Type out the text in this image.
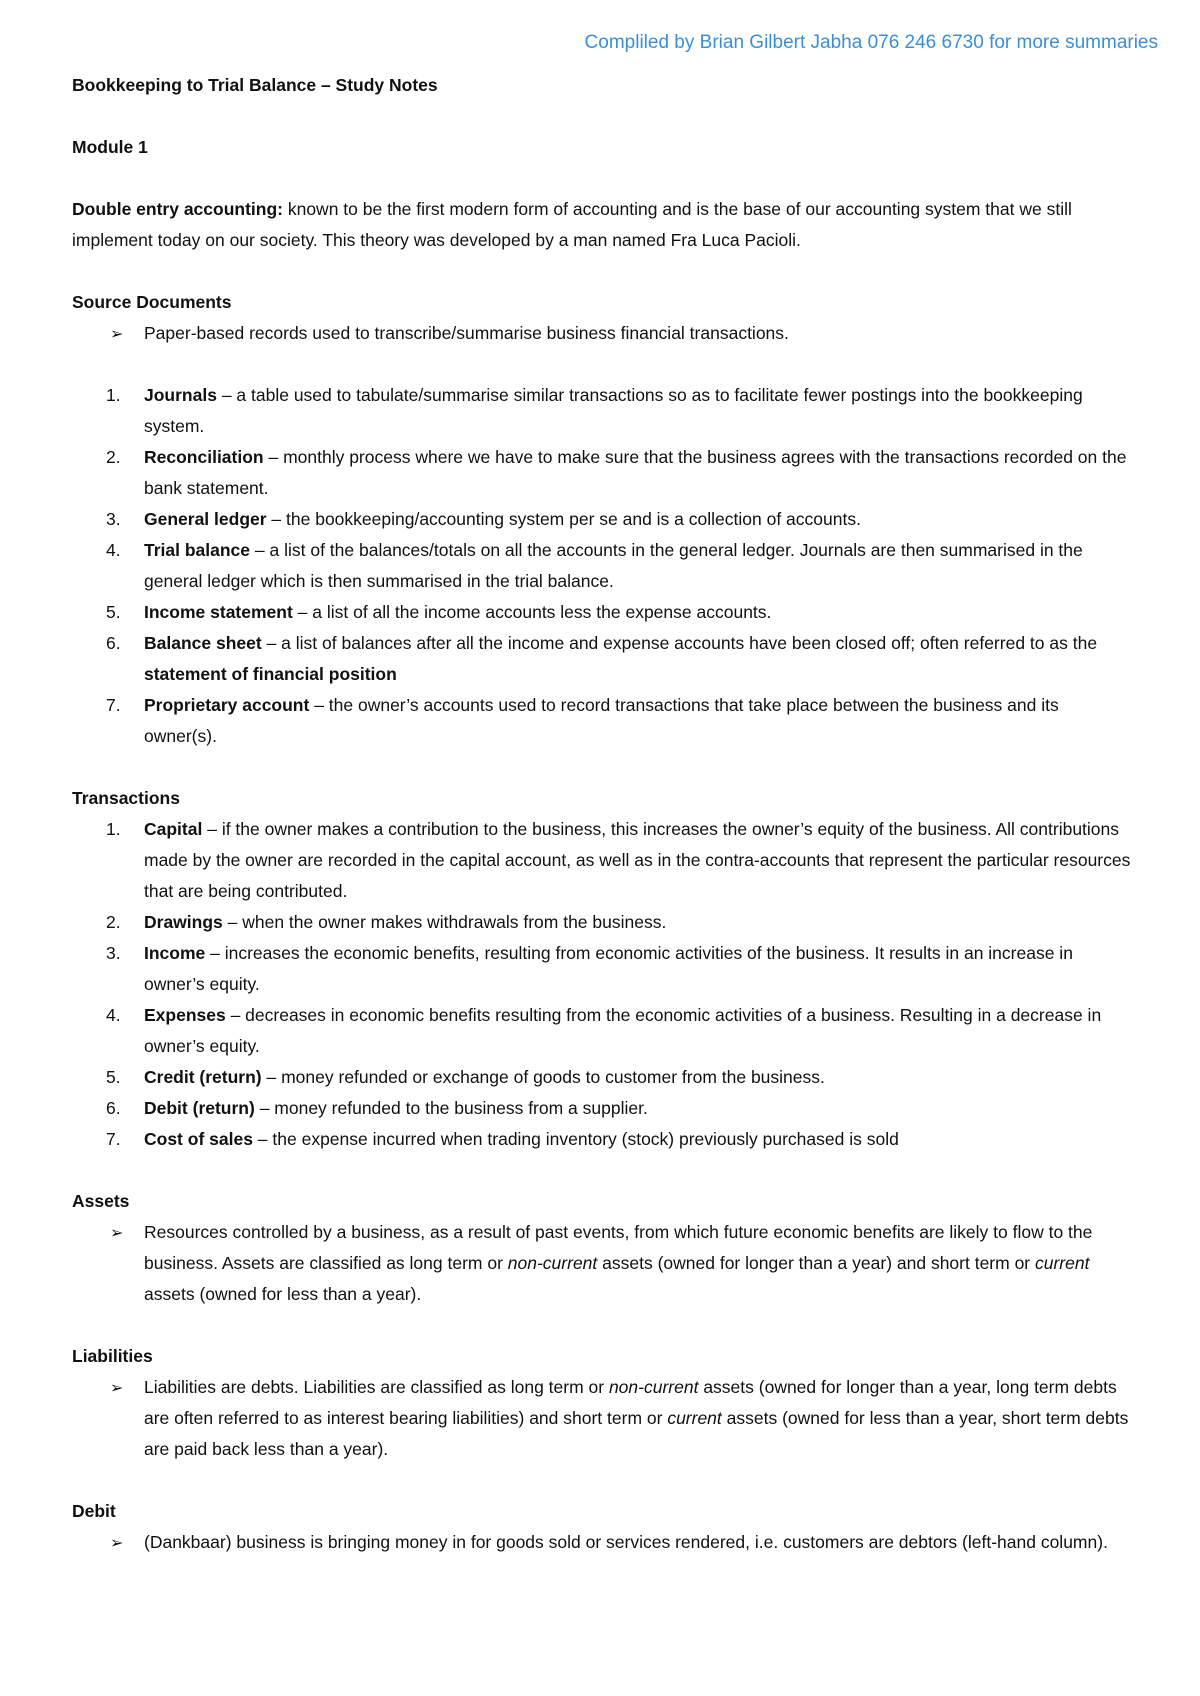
Compliled by Brian Gilbert Jabha 076 246 6730 for more summaries

Bookkeeping to Trial Balance – Study Notes

Module 1

Double entry accounting: known to be the first modern form of accounting and is the base of our accounting system that we still implement today on our society. This theory was developed by a man named Fra Luca Pacioli.

Source Documents

➢ Paper-based records used to transcribe/summarise business financial transactions.
1. Journals – a table used to tabulate/summarise similar transactions so as to facilitate fewer postings into the bookkeeping system.
2. Reconciliation – monthly process where we have to make sure that the business agrees with the transactions recorded on the bank statement.
3. General ledger – the bookkeeping/accounting system per se and is a collection of accounts.
4. Trial balance – a list of the balances/totals on all the accounts in the general ledger. Journals are then summarised in the general ledger which is then summarised in the trial balance.
5. Income statement – a list of all the income accounts less the expense accounts.
6. Balance sheet – a list of balances after all the income and expense accounts have been closed off; often referred to as the statement of financial position
7. Proprietary account – the owner’s accounts used to record transactions that take place between the business and its owner(s).

Transactions

1. Capital – if the owner makes a contribution to the business, this increases the owner’s equity of the business. All contributions made by the owner are recorded in the capital account, as well as in the contra-accounts that represent the particular resources that are being contributed.
2. Drawings – when the owner makes withdrawals from the business.
3. Income – increases the economic benefits, resulting from economic activities of the business. It results in an increase in owner’s equity.
4. Expenses – decreases in economic benefits resulting from the economic activities of a business. Resulting in a decrease in owner’s equity.
5. Credit (return) – money refunded or exchange of goods to customer from the business.
6. Debit (return) – money refunded to the business from a supplier.
7. Cost of sales – the expense incurred when trading inventory (stock) previously purchased is sold

Assets

➢ Resources controlled by a business, as a result of past events, from which future economic benefits are likely to flow to the business. Assets are classified as long term or non-current assets (owned for longer than a year) and short term or current assets (owned for less than a year).

Liabilities

➢ Liabilities are debts. Liabilities are classified as long term or non-current assets (owned for longer than a year, long term debts are often referred to as interest bearing liabilities) and short term or current assets (owned for less than a year, short term debts are paid back less than a year).

Debit

➢ (Dankbaar) business is bringing money in for goods sold or services rendered, i.e. customers are debtors (left-hand column).
